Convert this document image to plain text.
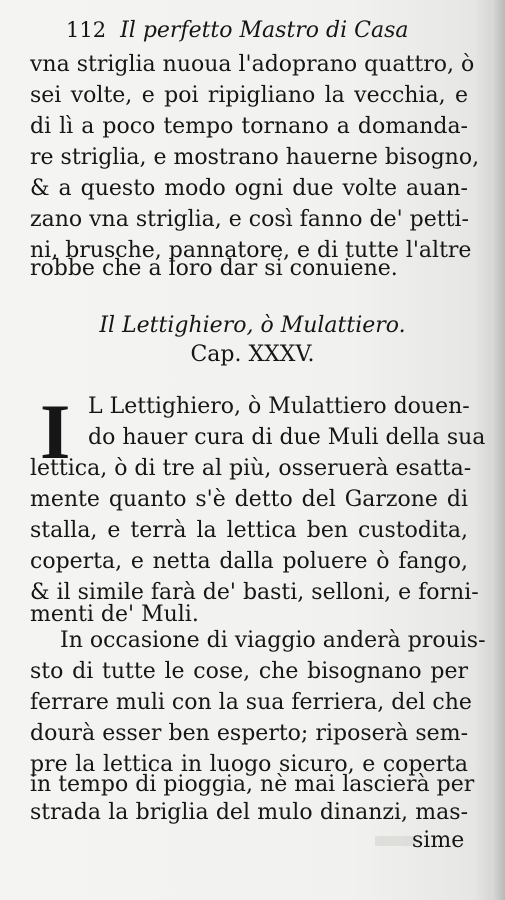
112 Il perfetto Mastro di Casa
vna striglia nuoua l'adoprano quattro, ò
sei volte, e poi ripigliano la vecchia, e
di lì a poco tempo tornano a domanda-
re striglia, e mostrano hauerne bisogno,
& a questo modo ogni due volte auan-
zano vna striglia, e così fanno de' petti-
ni, brusche, pannatore, e di tutte l'altre
robbe che a loro dar si conuiene.
Il Lettighiero, ò Mulattiero.
Cap. XXXV.
I L Lettighiero, ò Mulattiero douen-
do hauer cura di due Muli della sua
lettica, ò di tre al più, osseruerà esatta-
mente quanto s'è detto del Garzone di
stalla, e terrà la lettica ben custodita,
coperta, e netta dalla poluere ò fango,
& il simile farà de' basti, selloni, e forni-
menti de' Muli.
In occasione di viaggio anderà prouis-
sto di tutte le cose, che bisognano per
ferrare muli con la sua ferriera, del che
dourà esser ben esperto; riposerà sem-
pre la lettica in luogo sicuro, e coperta
in tempo di pioggia, nè mai lascierà per
strada la briglia del mulo dinanzi, mas-
sime
